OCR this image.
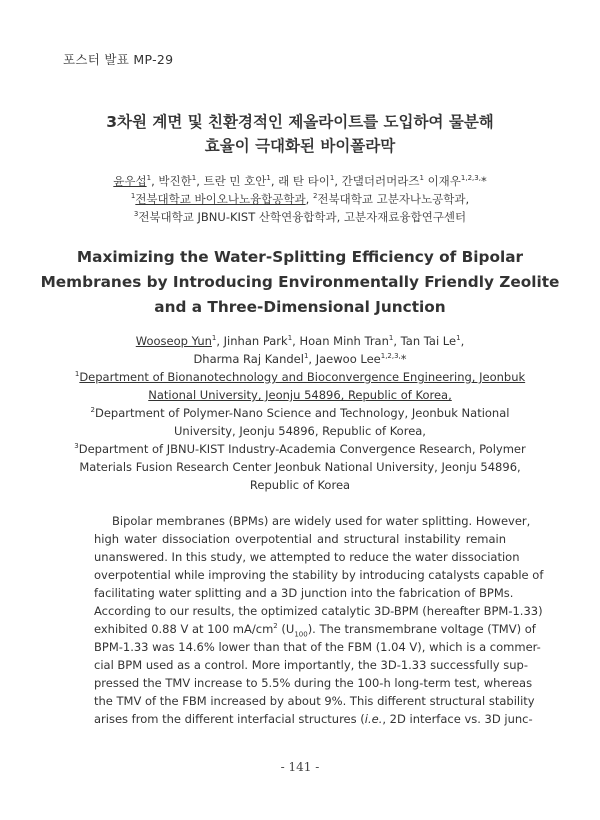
포스터 발표 MP-29
3차원 계면 및 친환경적인 제올라이트를 도입하여 물분해
효율이 극대화된 바이폴라막
윤우섭$^1$, 박진한$^1$, 트란 민 호안$^1$, 래 탄 타이$^1$, 간댈더러머라즈$^1$ 이재우$^{1,2,3,}$*
$^1$전북대학교 바이오나노융합공학과, $^2$전북대학교 고분자나노공학과,
$^3$전북대학교 JBNU-KIST 산학연융합학과, 고분자재료융합연구센터
Maximizing the Water-Splitting Efficiency of Bipolar
Membranes by Introducing Environmentally Friendly Zeolite
and a Three-Dimensional Junction
Wooseop Yun$^1$, Jinhan Park$^1$, Hoan Minh Tran$^1$, Tan Tai Le$^1$,
Dharma Raj Kandel$^1$, Jaewoo Lee$^{1,2,3,}$*
$^1$Department of Bionanotechnology and Bioconvergence Engineering, Jeonbuk
National University, Jeonju 54896, Republic of Korea,
$^2$Department of Polymer-Nano Science and Technology, Jeonbuk National
University, Jeonju 54896, Republic of Korea,
$^3$Department of JBNU-KIST Industry-Academia Convergence Research, Polymer
Materials Fusion Research Center Jeonbuk National University, Jeonju 54896,
Republic of Korea
Bipolar membranes (BPMs) are widely used for water splitting. However,
high water dissociation overpotential and structural instability remain
unanswered. In this study, we attempted to reduce the water dissociation
overpotential while improving the stability by introducing catalysts capable of
facilitating water splitting and a 3D junction into the fabrication of BPMs.
According to our results, the optimized catalytic 3D-BPM (hereafter BPM-1.33)
exhibited 0.88 V at 100 $mA/cm^2$ $(U_{100})$. The transmembrane voltage (TMV) of
BPM-1.33 was 14.6% lower than that of the FBM (1.04 V), which is a commer-
cial BPM used as a control. More importantly, the 3D-1.33 successfully sup-
pressed the TMV increase to 5.5% during the 100-h long-term test, whereas
the TMV of the FBM increased by about 9%. This different structural stability
arises from the different interfacial structures (i.e., 2D interface vs. 3D junc-
- 141 -
